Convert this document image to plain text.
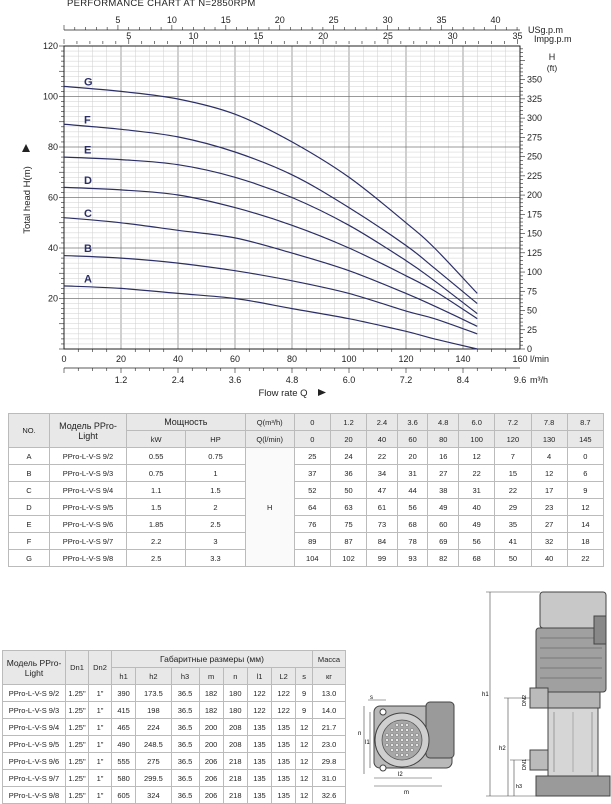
PERFORMANCE CHART AT N=2850RPM
5	10	15	20	25	30	35	40
USg.p.m
5	10	15	20	25	30	35 Impg.p.m
20
40
60
80
100
120
Total head H(m)
0
25
50
75
100
125
150
175
200
225
250
275
300
325
350
H
(ft)
0	20	40	60	80	100	120	140	160 l/min
1.2	2.4	3.6	4.8	6.0	7.2	8.4	9.6 m³/h
Flow rate Q
A
B
C
D
E
F
G
NO.	Модель PPro-Light	Мощность		Q(m³/h)	0	1.2	2.4	3.6	4.8	6.0	7.2	7.8	8.7
		kW	HP	Q(l/min)	0	20	40	60	80	100	120	130	145
A	PPro-L-V-S 9/2	0.55	0.75	H	25	24	22	20	16	12	7	4	0
B	PPro-L-V-S 9/3	0.75	1		37	36	34	31	27	22	15	12	6
C	PPro-L-V-S 9/4	1.1	1.5		52	50	47	44	38	31	22	17	9
D	PPro-L-V-S 9/5	1.5	2		64	63	61	56	49	40	29	23	12
E	PPro-L-V-S 9/6	1.85	2.5		76	75	73	68	60	49	35	27	14
F	PPro-L-V-S 9/7	2.2	3		89	87	84	78	69	56	41	32	18
G	PPro-L-V-S 9/8	2.5	3.3		104	102	99	93	82	68	50	40	22
Модель PPro-Light	Dn1	Dn2	Габаритные размеры (мм)								Масса
			h1	h2	h3	m	n	l1	L2	s	кг
PPro-L-V-S 9/2	1.25"	1"	390	173.5	36.5	182	180	122	122	9	13.0
PPro-L-V-S 9/3	1.25"	1"	415	198	36.5	182	180	122	122	9	14.0
PPro-L-V-S 9/4	1.25"	1"	465	224	36.5	200	208	135	135	12	21.7
PPro-L-V-S 9/5	1.25"	1"	490	248.5	36.5	200	208	135	135	12	23.0
PPro-L-V-S 9/6	1.25"	1"	555	275	36.5	206	218	135	135	12	29.8
PPro-L-V-S 9/7	1.25"	1"	580	299.5	36.5	206	218	135	135	12	31.0
PPro-L-V-S 9/8	1.25"	1"	605	324	36.5	206	218	135	135	12	32.6
s
n
l1
l2
m
h1
h2
DN2
DN1
h3
